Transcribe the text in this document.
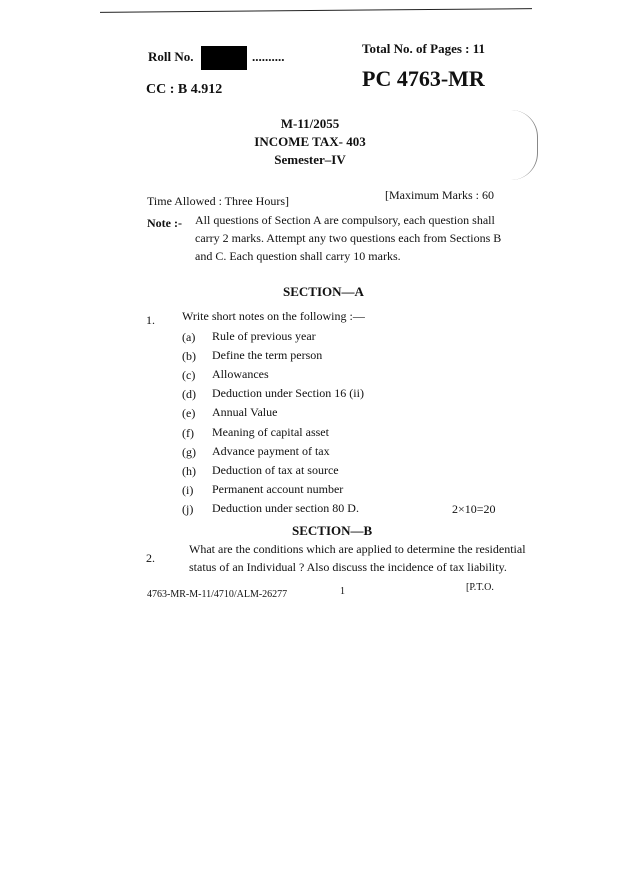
Roll No.	..........
Total No. of Pages : 11
CC : B 4.912	PC 4763-MR
M-11/2055
INCOME TAX- 403
Semester–IV
Time Allowed : Three Hours]	[Maximum Marks : 60
Note :- All questions of Section A are compulsory, each question shall
carry 2 marks. Attempt any two questions each from Sections B
and C. Each question shall carry 10 marks.
SECTION—A
1. Write short notes on the following :—
(a) Rule of previous year
(b) Define the term person
(c) Allowances
(d) Deduction under Section 16 (ii)
(e) Annual Value
(f) Meaning of capital asset
(g) Advance payment of tax
(h) Deduction of tax at source
(i) Permanent account number
(j) Deduction under section 80 D.	2×10=20
SECTION—B
2.
What are the conditions which are applied to determine the residential
status of an Individual ? Also discuss the incidence of tax liability.
4763-MR-M-11/4710/ALM-26277	1	[P.T.O.
